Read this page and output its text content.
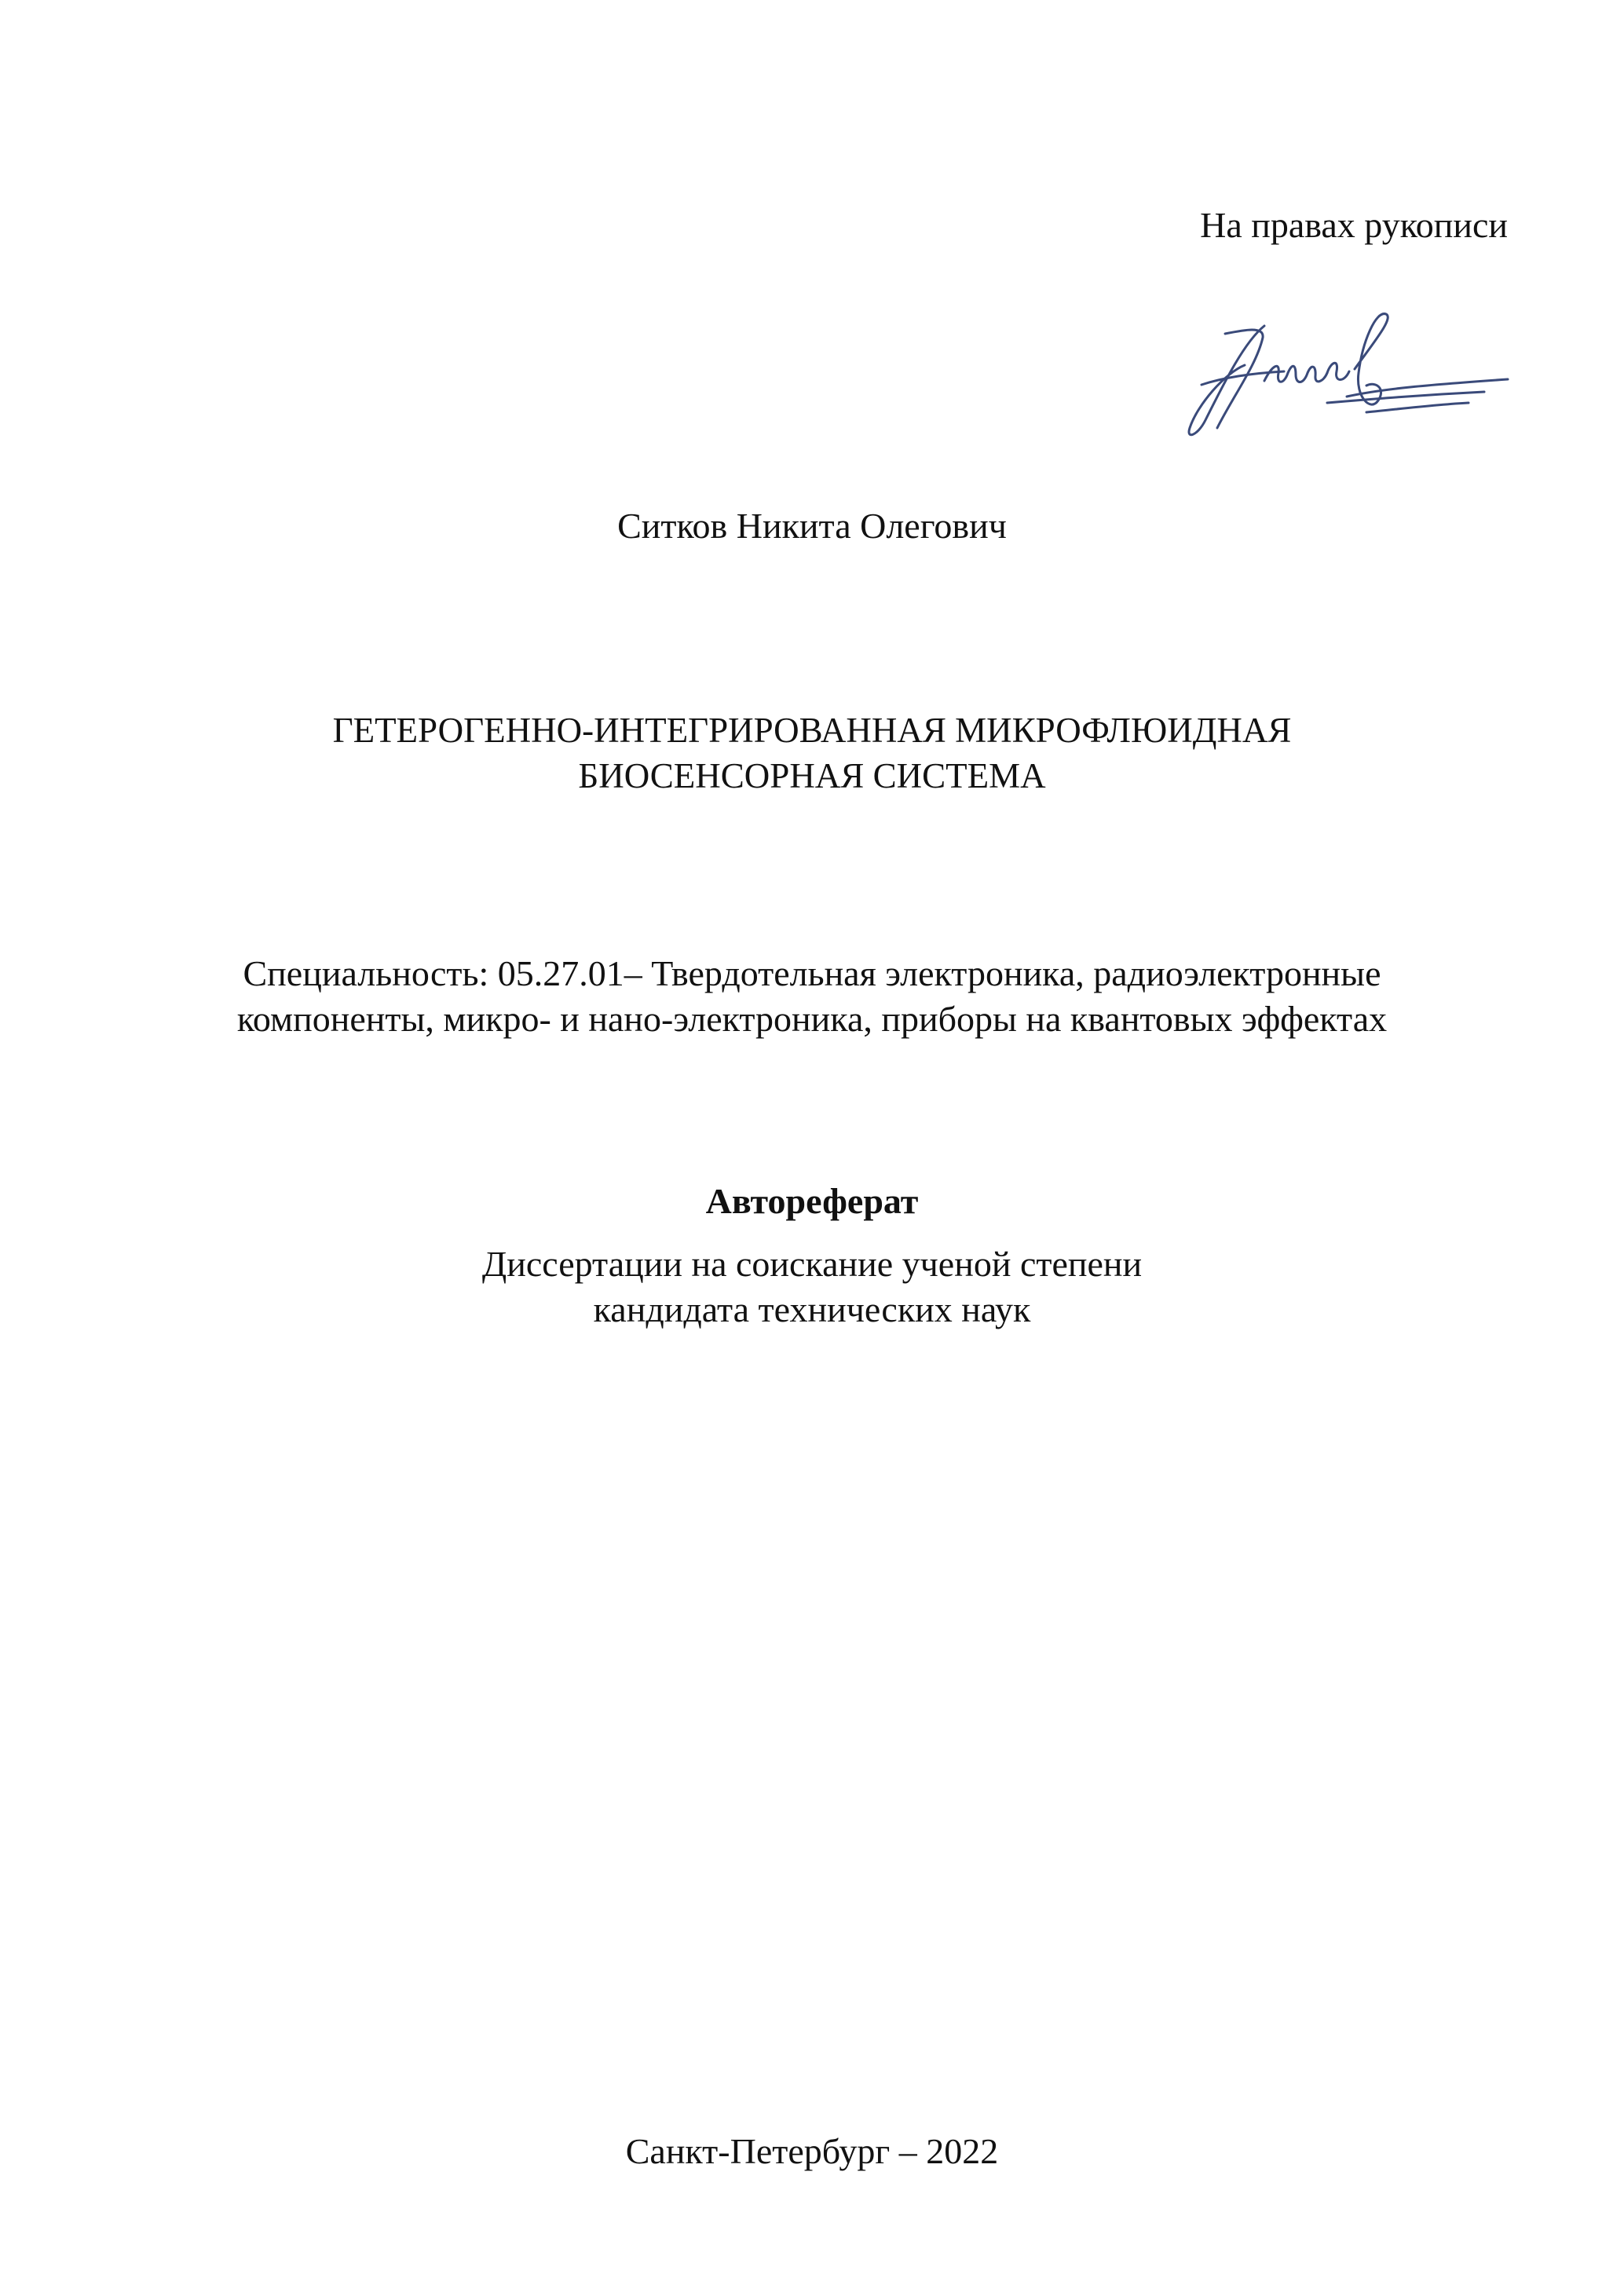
На правах рукописи
Ситков Никита Олегович
ГЕТЕРОГЕННО-ИНТЕГРИРОВАННАЯ МИКРОФЛЮИДНАЯ
БИОСЕНСОРНАЯ СИСТЕМА
Специальность: 05.27.01– Твердотельная электроника, радиоэлектронные
компоненты, микро- и нано-электроника, приборы на квантовых эффектах
Автореферат
Диссертации на соискание ученой степени
кандидата технических наук
Санкт-Петербург – 2022
